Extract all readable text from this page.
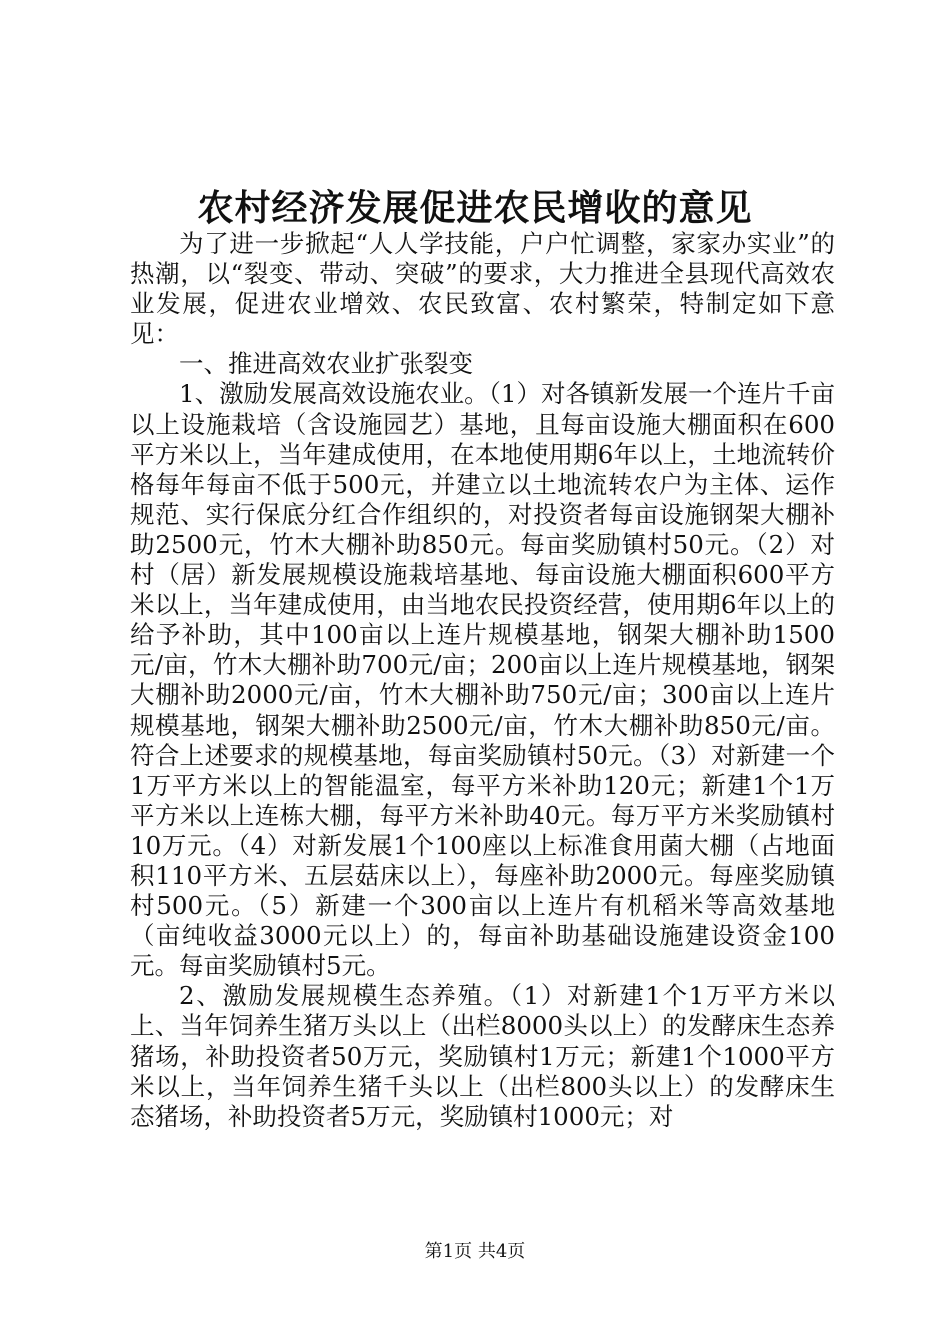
农村经济发展促进农民增收的意见

为了进一步掀起“人人学技能，户户忙调整，家家办实业”的热潮，以“裂变、带动、突破”的要求，大力推进全县现代高效农业发展，促进农业增效、农民致富、农村繁荣，特制定如下意见：

一、推进高效农业扩张裂变

1、激励发展高效设施农业。（1）对各镇新发展一个连片千亩以上设施栽培（含设施园艺）基地，且每亩设施大棚面积在600平方米以上，当年建成使用，在本地使用期6年以上，土地流转价格每年每亩不低于500元，并建立以土地流转农户为主体、运作规范、实行保底分红合作组织的，对投资者每亩设施钢架大棚补助2500元，竹木大棚补助850元。每亩奖励镇村50元。（2）对村（居）新发展规模设施栽培基地、每亩设施大棚面积600平方米以上，当年建成使用，由当地农民投资经营，使用期6年以上的给予补助，其中100亩以上连片规模基地，钢架大棚补助1500元/亩，竹木大棚补助700元/亩；200亩以上连片规模基地，钢架大棚补助2000元/亩，竹木大棚补助750元/亩；300亩以上连片规模基地，钢架大棚补助2500元/亩，竹木大棚补助850元/亩。符合上述要求的规模基地，每亩奖励镇村50元。（3）对新建一个1万平方米以上的智能温室，每平方米补助120元；新建1个1万平方米以上连栋大棚，每平方米补助40元。每万平方米奖励镇村10万元。（4）对新发展1个100座以上标准食用菌大棚（占地面积110平方米、五层菇床以上），每座补助2000元。每座奖励镇村500元。（5）新建一个300亩以上连片有机稻米等高效基地（亩纯收益3000元以上）的，每亩补助基础设施建设资金100元。每亩奖励镇村5元。

2、激励发展规模生态养殖。（1）对新建1个1万平方米以上、当年饲养生猪万头以上（出栏8000头以上）的发酵床生态养猪场，补助投资者50万元，奖励镇村1万元；新建1个1000平方米以上，当年饲养生猪千头以上（出栏800头以上）的发酵床生态猪场，补助投资者5万元，奖励镇村1000元；对

第1页 共4页
